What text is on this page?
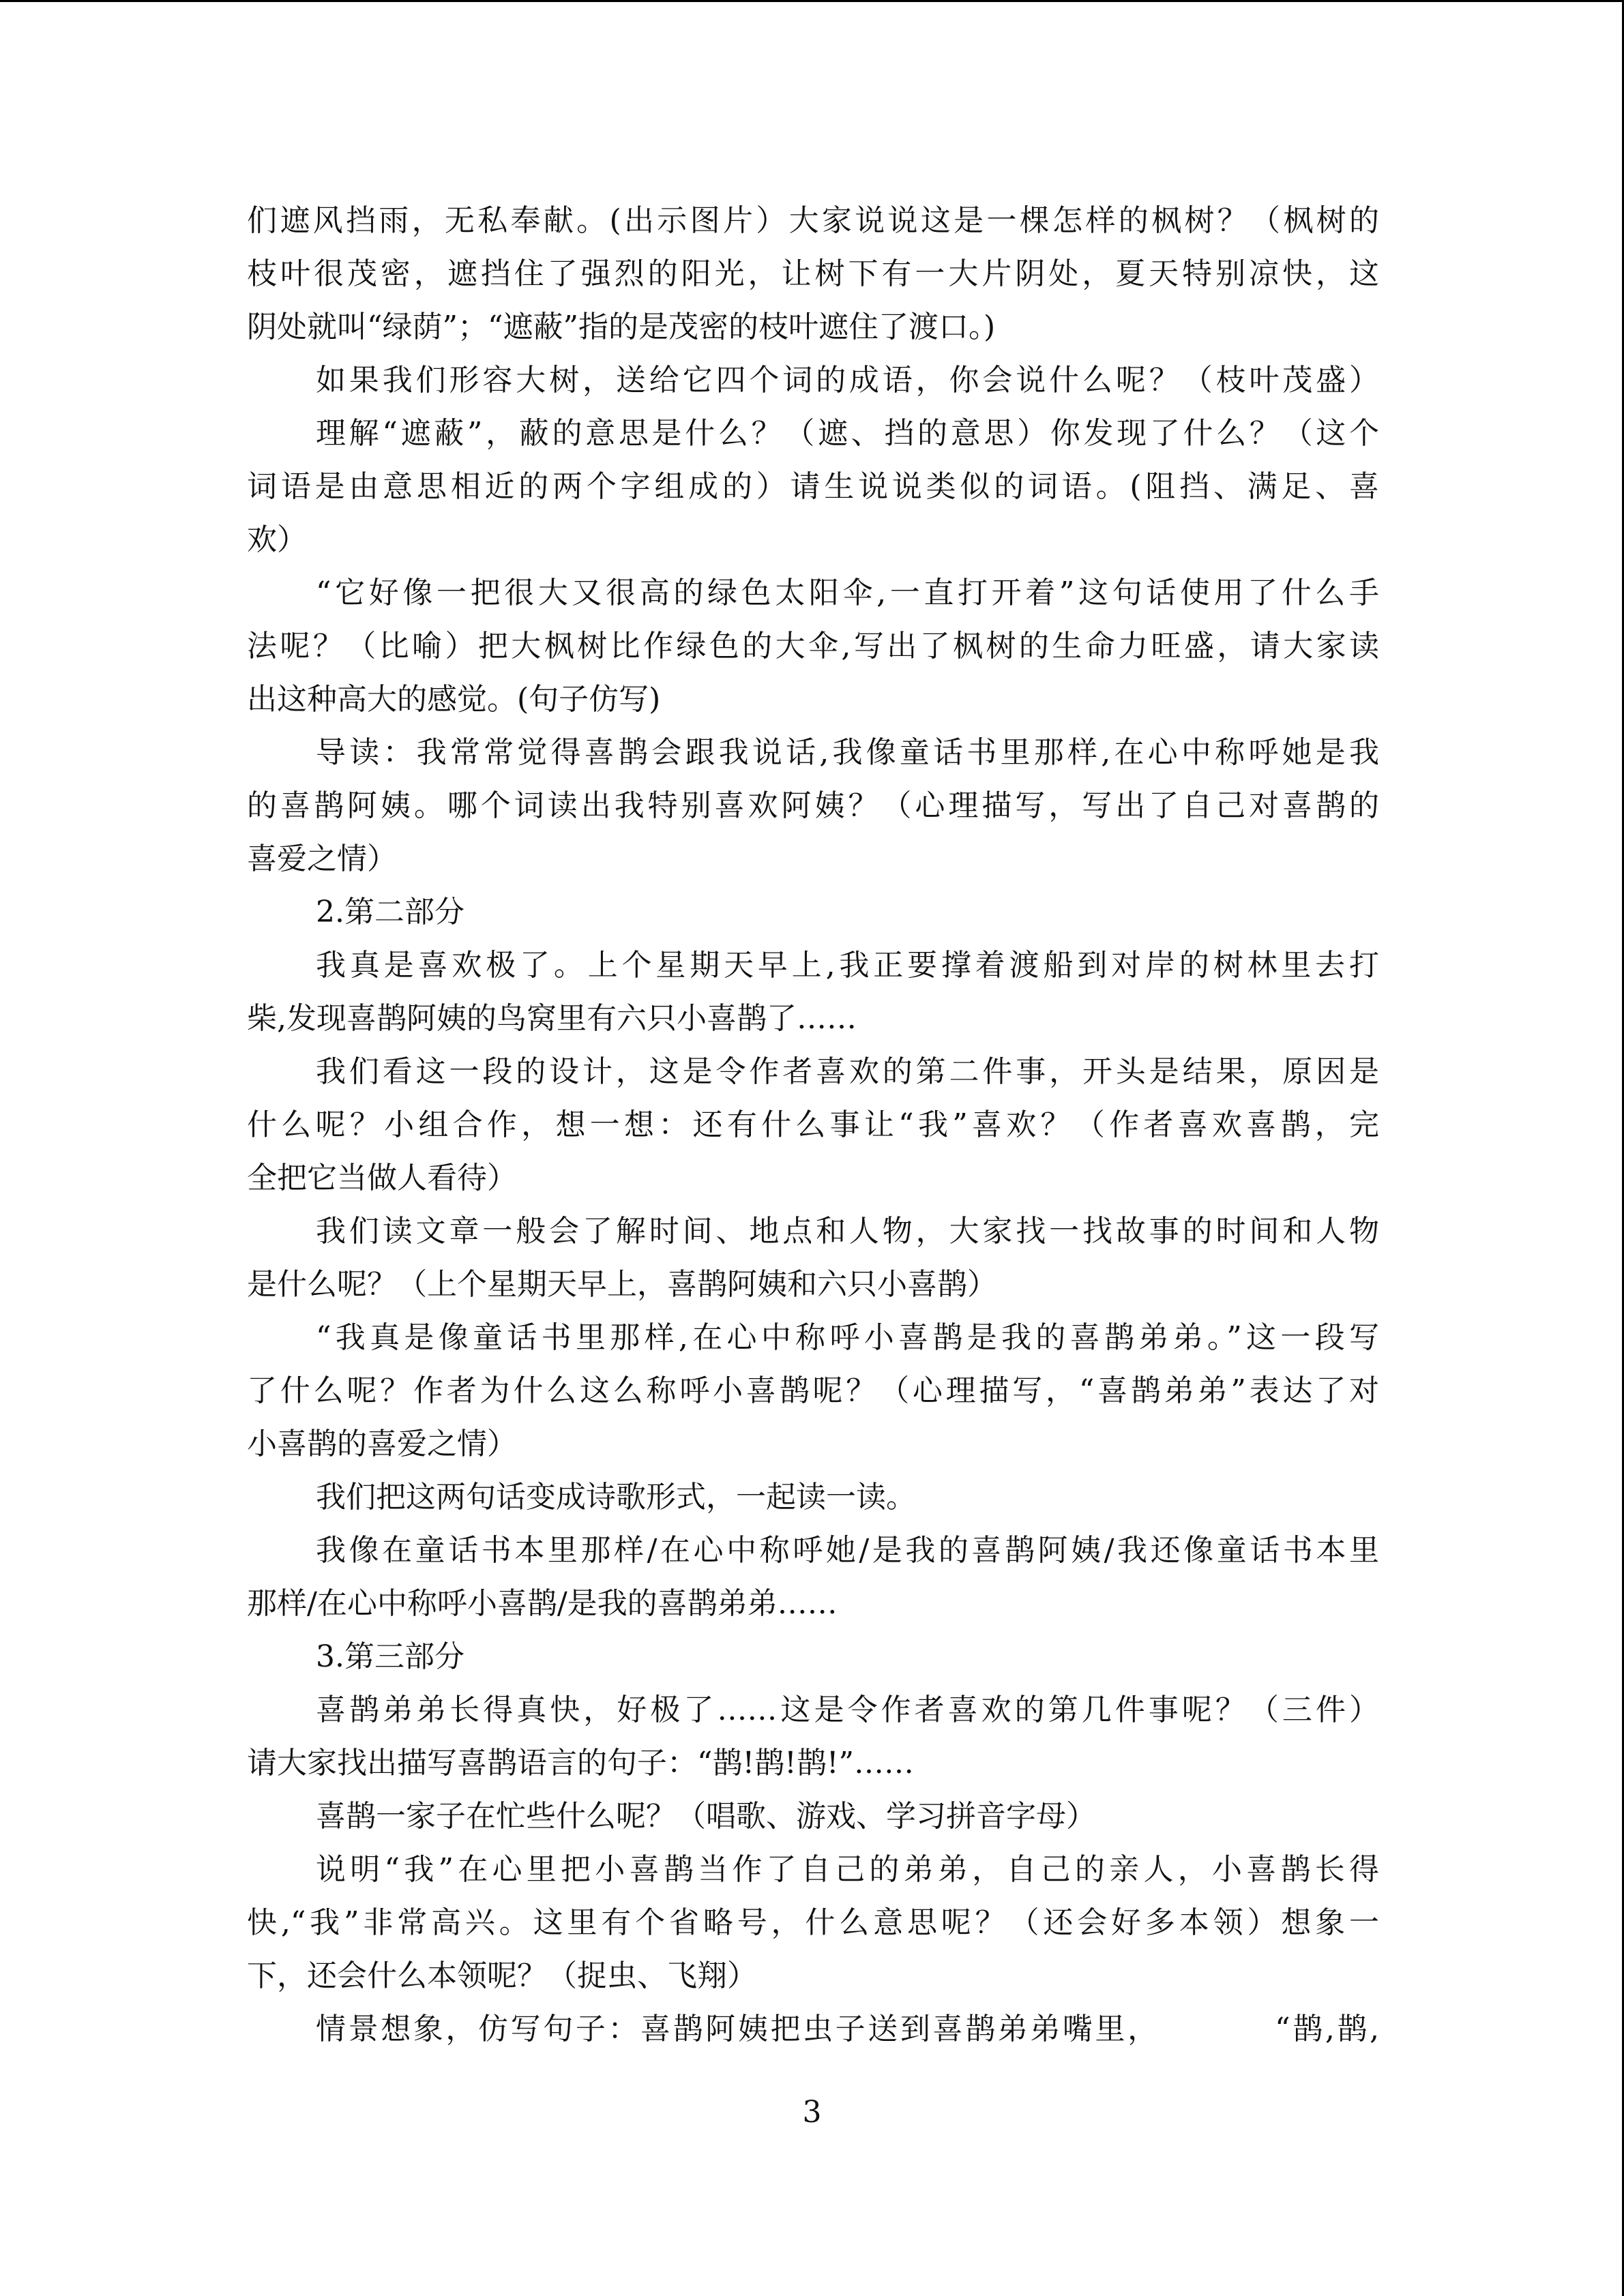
们遮风挡雨，无私奉献。(出示图片）大家说说这是一棵怎样的枫树？（枫树的
枝叶很茂密，遮挡住了强烈的阳光，让树下有一大片阴处，夏天特别凉快，这
阴处就叫“绿荫”；“遮蔽”指的是茂密的枝叶遮住了渡口。)
如果我们形容大树，送给它四个词的成语，你会说什么呢？（枝叶茂盛）
理解“遮蔽”，蔽的意思是什么？（遮、挡的意思）你发现了什么？（这个
词语是由意思相近的两个字组成的）请生说说类似的词语。(阻挡、满足、喜
欢）
“它好像一把很大又很高的绿色太阳伞,一直打开着”这句话使用了什么手
法呢？（比喻）把大枫树比作绿色的大伞,写出了枫树的生命力旺盛，请大家读
出这种高大的感觉。(句子仿写)
导读：我常常觉得喜鹊会跟我说话,我像童话书里那样,在心中称呼她是我
的喜鹊阿姨。哪个词读出我特别喜欢阿姨？（心理描写，写出了自己对喜鹊的
喜爱之情）
2.第二部分
我真是喜欢极了。上个星期天早上,我正要撑着渡船到对岸的树林里去打
柴,发现喜鹊阿姨的鸟窝里有六只小喜鹊了……
我们看这一段的设计，这是令作者喜欢的第二件事，开头是结果，原因是
什么呢？小组合作，想一想：还有什么事让“我”喜欢？（作者喜欢喜鹊，完
全把它当做人看待）
我们读文章一般会了解时间、地点和人物，大家找一找故事的时间和人物
是什么呢？（上个星期天早上，喜鹊阿姨和六只小喜鹊）
“我真是像童话书里那样,在心中称呼小喜鹊是我的喜鹊弟弟。”这一段写
了什么呢？作者为什么这么称呼小喜鹊呢？（心理描写，“喜鹊弟弟”表达了对
小喜鹊的喜爱之情）
我们把这两句话变成诗歌形式，一起读一读。
我像在童话书本里那样/在心中称呼她/是我的喜鹊阿姨/我还像童话书本里
那样/在心中称呼小喜鹊/是我的喜鹊弟弟……
3.第三部分
喜鹊弟弟长得真快，好极了……这是令作者喜欢的第几件事呢？（三件）
请大家找出描写喜鹊语言的句子：“鹊!鹊!鹊!”……
喜鹊一家子在忙些什么呢？（唱歌、游戏、学习拼音字母）
说明“我”在心里把小喜鹊当作了自己的弟弟，自己的亲人，小喜鹊长得
快,“我”非常高兴。这里有个省略号，什么意思呢？（还会好多本领）想象一
下，还会什么本领呢？（捉虫、飞翔）
情景想象，仿写句子：喜鹊阿姨把虫子送到喜鹊弟弟嘴里，　　　　“鹊,鹊,
3
